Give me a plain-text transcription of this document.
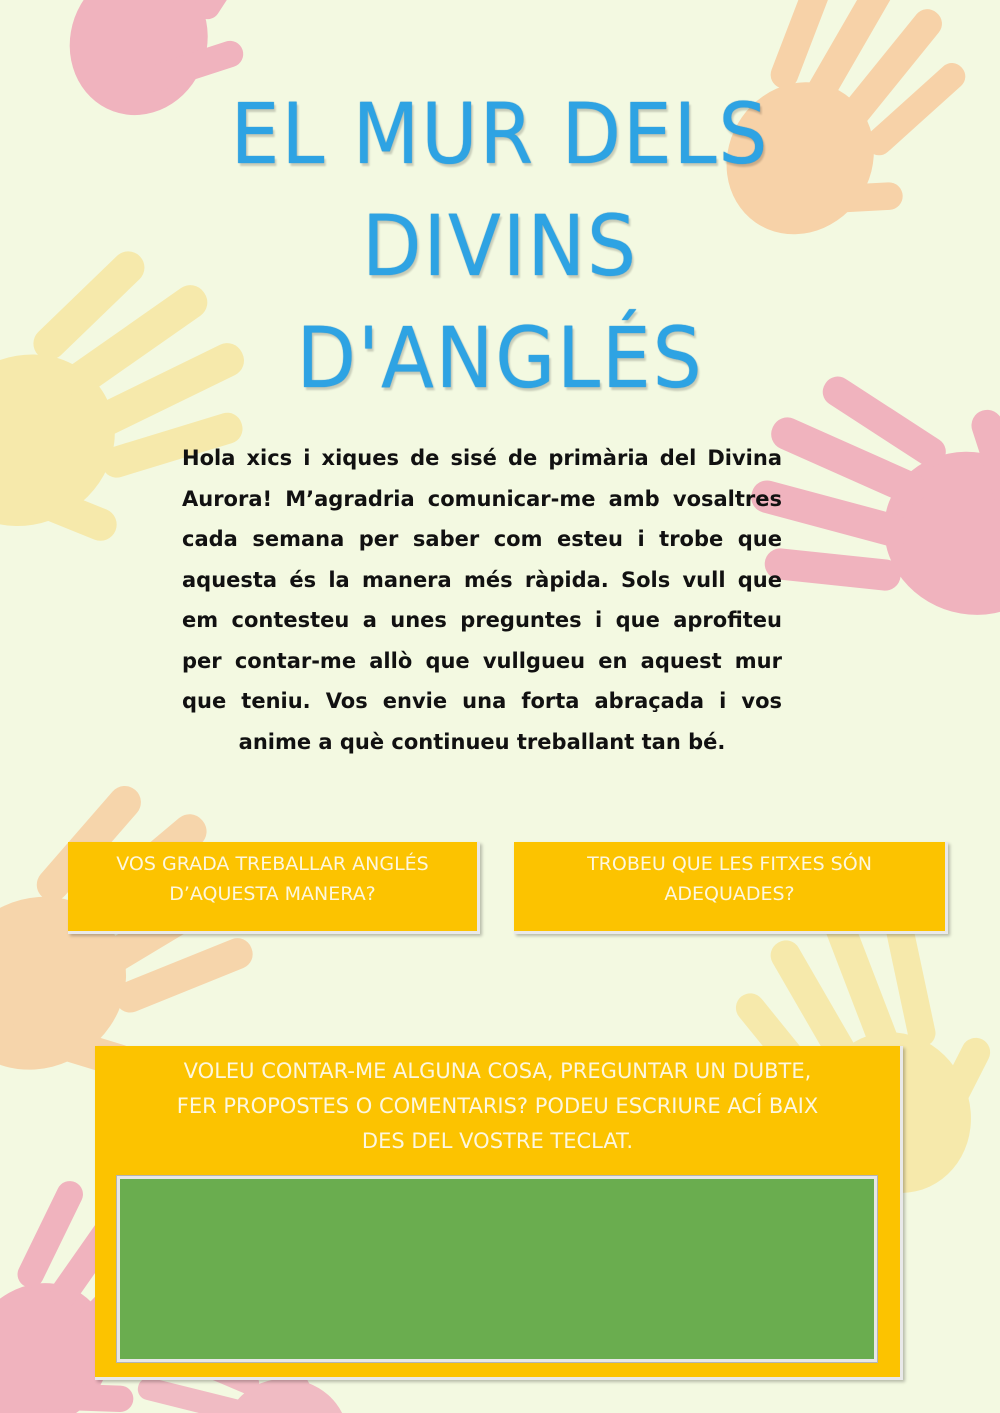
EL MUR DELS
DIVINS
D'ANGLÉS
Hola xics i xiques de sisé de primària del Divina Aurora! M’agradria comunicar-me amb vosaltres cada semana per saber com esteu i trobe que aquesta és la manera més ràpida. Sols vull que em contesteu a unes preguntes i que aprofiteu per contar-me allò que vullgueu en aquest mur que teniu. Vos envie una forta abraçada i vos anime a què continueu treballant tan bé.
VOS GRADA TREBALLAR ANGLÉS
D’AQUESTA MANERA?
TROBEU QUE LES FITXES SÓN
ADEQUADES?
VOLEU CONTAR-ME ALGUNA COSA, PREGUNTAR UN DUBTE,
FER PROPOSTES O COMENTARIS? PODEU ESCRIURE ACÍ BAIX
DES DEL VOSTRE TECLAT.
